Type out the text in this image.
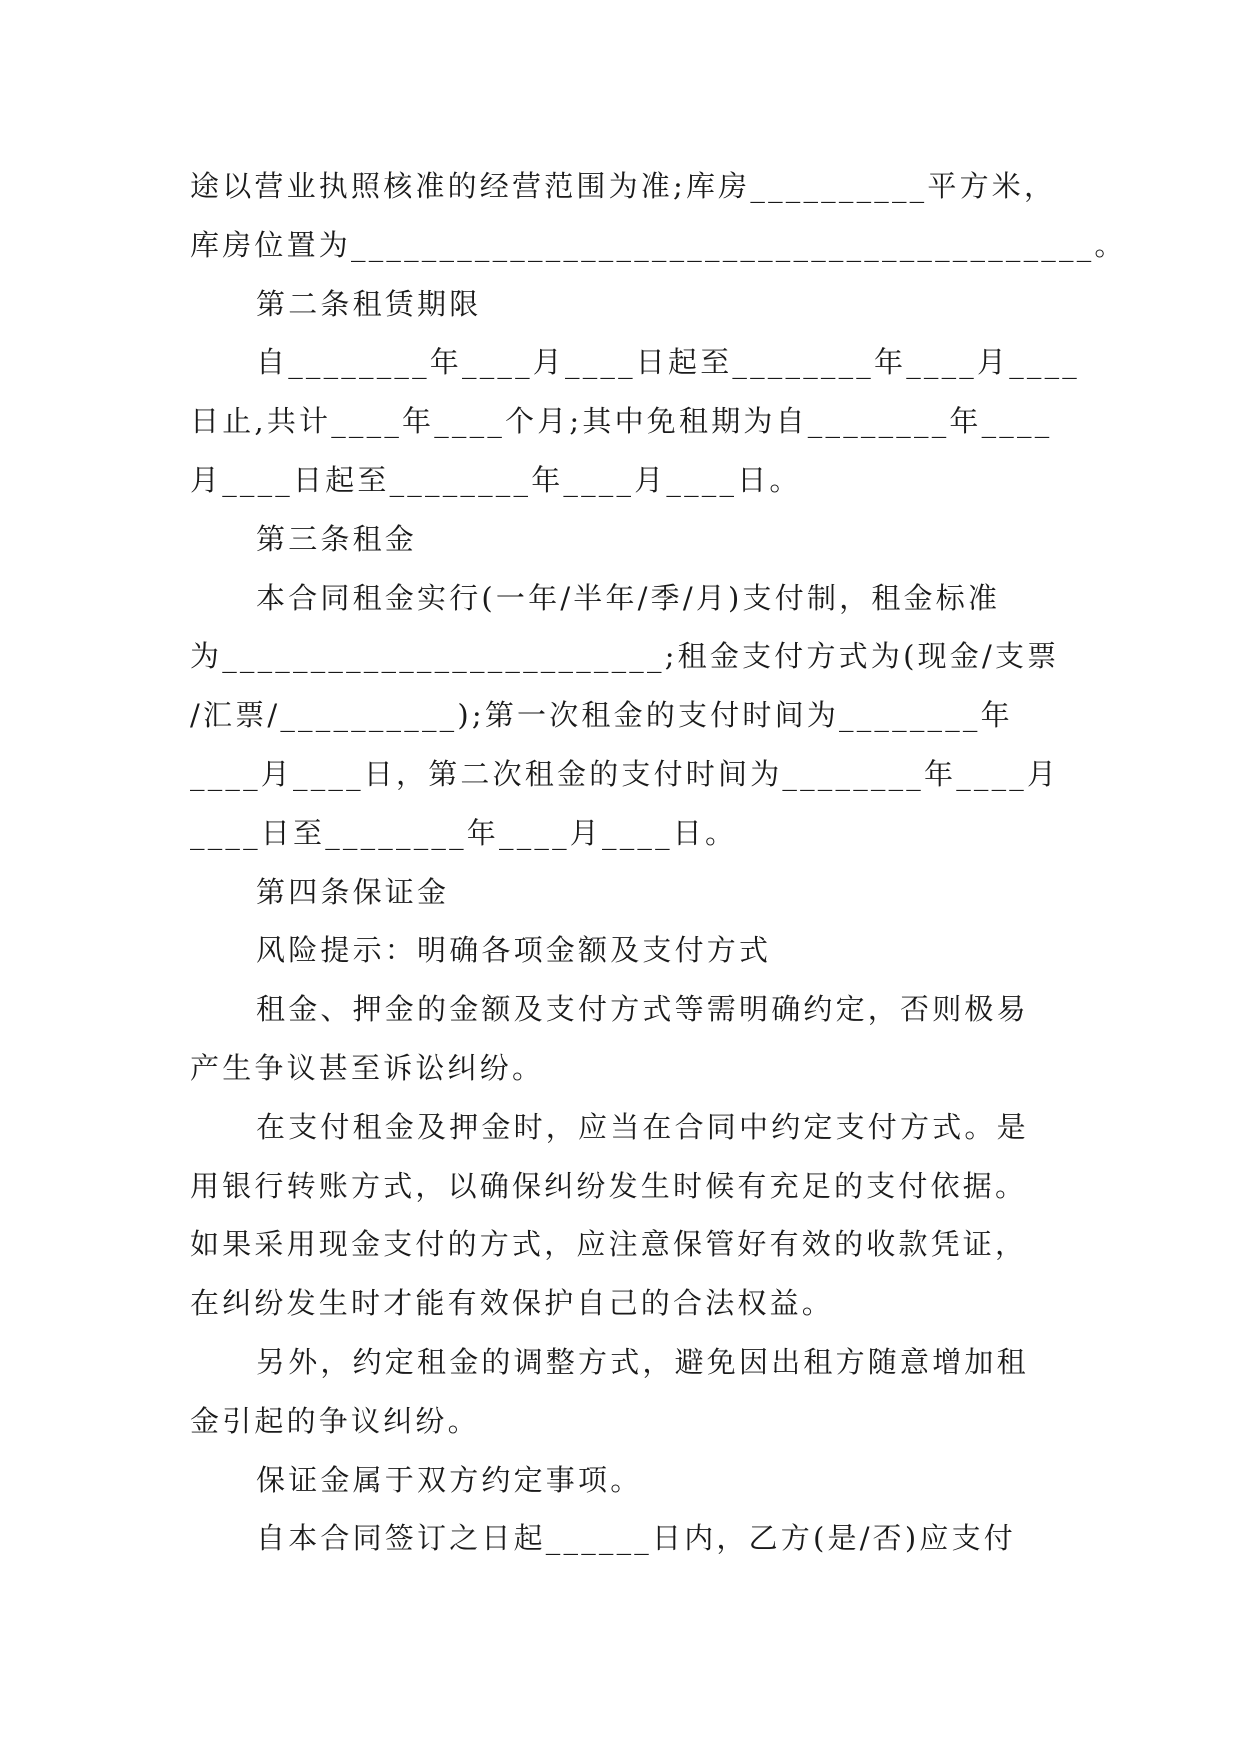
途以营业执照核准的经营范围为准;库房__________平方米，
库房位置为__________________________________________。
第二条租赁期限
自________年____月____日起至________年____月____
日止,共计____年____个月;其中免租期为自________年____
月____日起至________年____月____日。
第三条租金
本合同租金实行(一年/半年/季/月)支付制，租金标准
为_________________________;租金支付方式为(现金/支票
/汇票/__________);第一次租金的支付时间为________年
____月____日，第二次租金的支付时间为________年____月
____日至________年____月____日。
第四条保证金
风险提示：明确各项金额及支付方式
租金、押金的金额及支付方式等需明确约定，否则极易
产生争议甚至诉讼纠纷。
在支付租金及押金时，应当在合同中约定支付方式。是
用银行转账方式，以确保纠纷发生时候有充足的支付依据。
如果采用现金支付的方式，应注意保管好有效的收款凭证，
在纠纷发生时才能有效保护自己的合法权益。
另外，约定租金的调整方式，避免因出租方随意增加租
金引起的争议纠纷。
保证金属于双方约定事项。
自本合同签订之日起______日内，乙方(是/否)应支付
